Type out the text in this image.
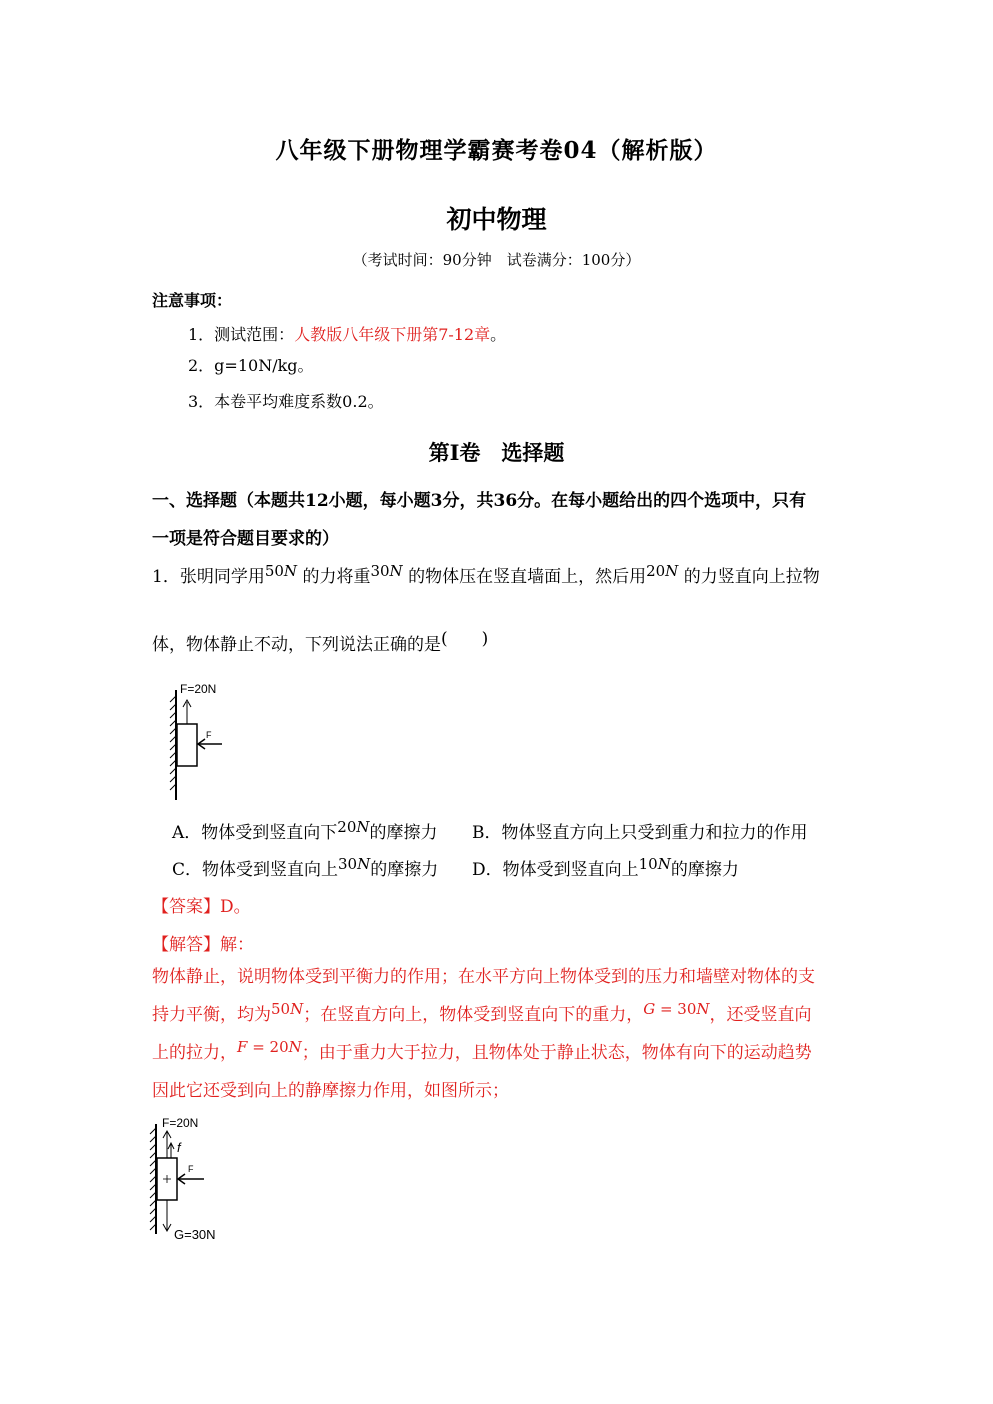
八年级下册物理学霸赛考卷04（解析版）
初中物理
（考试时间：90分钟　试卷满分：100分）
注意事项：
1．测试范围：人教版八年级下册第7-12章。
2．g=10N/kg。
3．本卷平均难度系数0.2。
第Ⅰ卷　选择题
一、选择题（本题共12小题，每小题3分，共36分。在每小题给出的四个选项中，只有
一项是符合题目要求的）
1．张明同学用50N 的力将重30N 的物体压在竖直墙面上，然后用20N 的力竖直向上拉物
体，物体静止不动，下列说法正确的是(　　)
F=20N
F
A．物体受到竖直向下20N的摩擦力 B．物体竖直方向上只受到重力和拉力的作用
C．物体受到竖直向上30N的摩擦力 D．物体受到竖直向上10N的摩擦力
【答案】D。
【解答】解：
物体静止，说明物体受到平衡力的作用；在水平方向上物体受到的压力和墙壁对物体的支
持力平衡，均为50N；在竖直方向上，物体受到竖直向下的重力，G = 30N，还受竖直向
上的拉力，F = 20N；由于重力大于拉力，且物体处于静止状态，物体有向下的运动趋势
因此它还受到向上的静摩擦力作用，如图所示；
F=20N
f
F
G=30N
